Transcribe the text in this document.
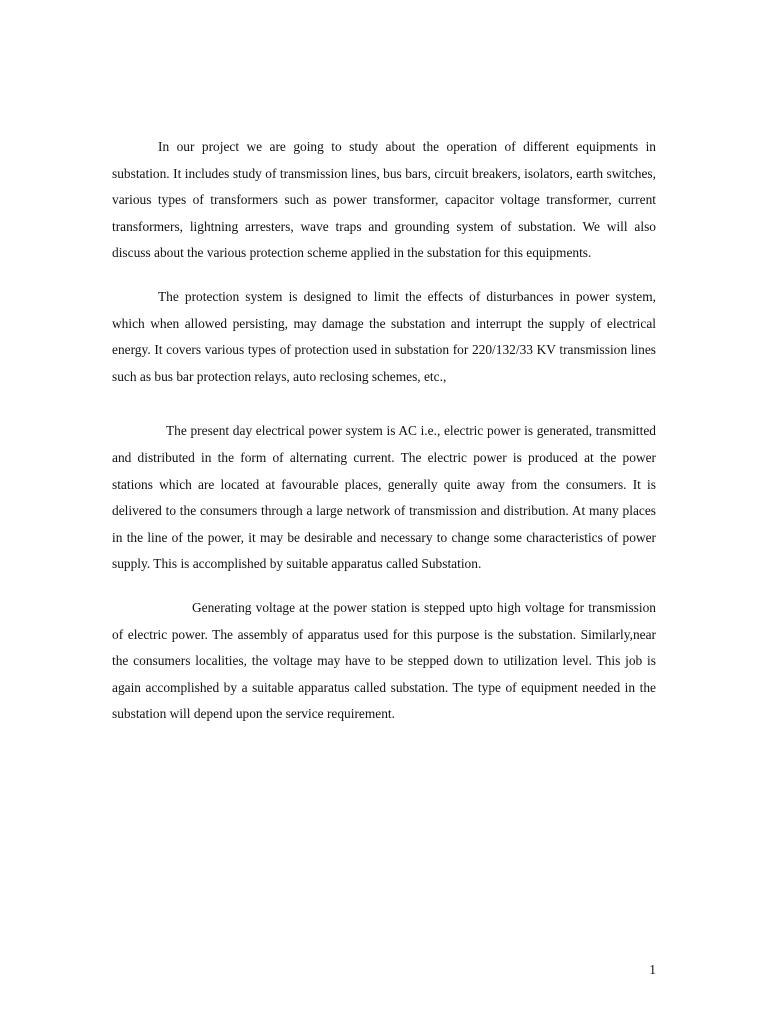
In our project we are going to study about the operation of different equipments in substation. It includes study of transmission lines, bus bars, circuit breakers, isolators, earth switches, various types of transformers such as power transformer, capacitor voltage transformer, current transformers, lightning arresters, wave traps and grounding system of substation. We will also discuss about the various protection scheme applied in the substation for this equipments.

The protection system is designed to limit the effects of disturbances in power system, which when allowed persisting, may damage the substation and interrupt the supply of electrical energy. It covers various types of protection used in substation for 220/132/33 KV transmission lines such as bus bar protection relays, auto reclosing schemes, etc.,

The present day electrical power system is AC i.e., electric power is generated, transmitted and distributed in the form of alternating current. The electric power is produced at the power stations which are located at favourable places, generally quite away from the consumers. It is delivered to the consumers through a large network of transmission and distribution. At many places in the line of the power, it may be desirable and necessary to change some characteristics of power supply. This is accomplished by suitable apparatus called Substation.

Generating voltage at the power station is stepped upto high voltage for transmission of electric power. The assembly of apparatus used for this purpose is the substation. Similarly,near the consumers localities, the voltage may have to be stepped down to utilization level. This job is again accomplished by a suitable apparatus called substation. The type of equipment needed in the substation will depend upon the service requirement.

1
